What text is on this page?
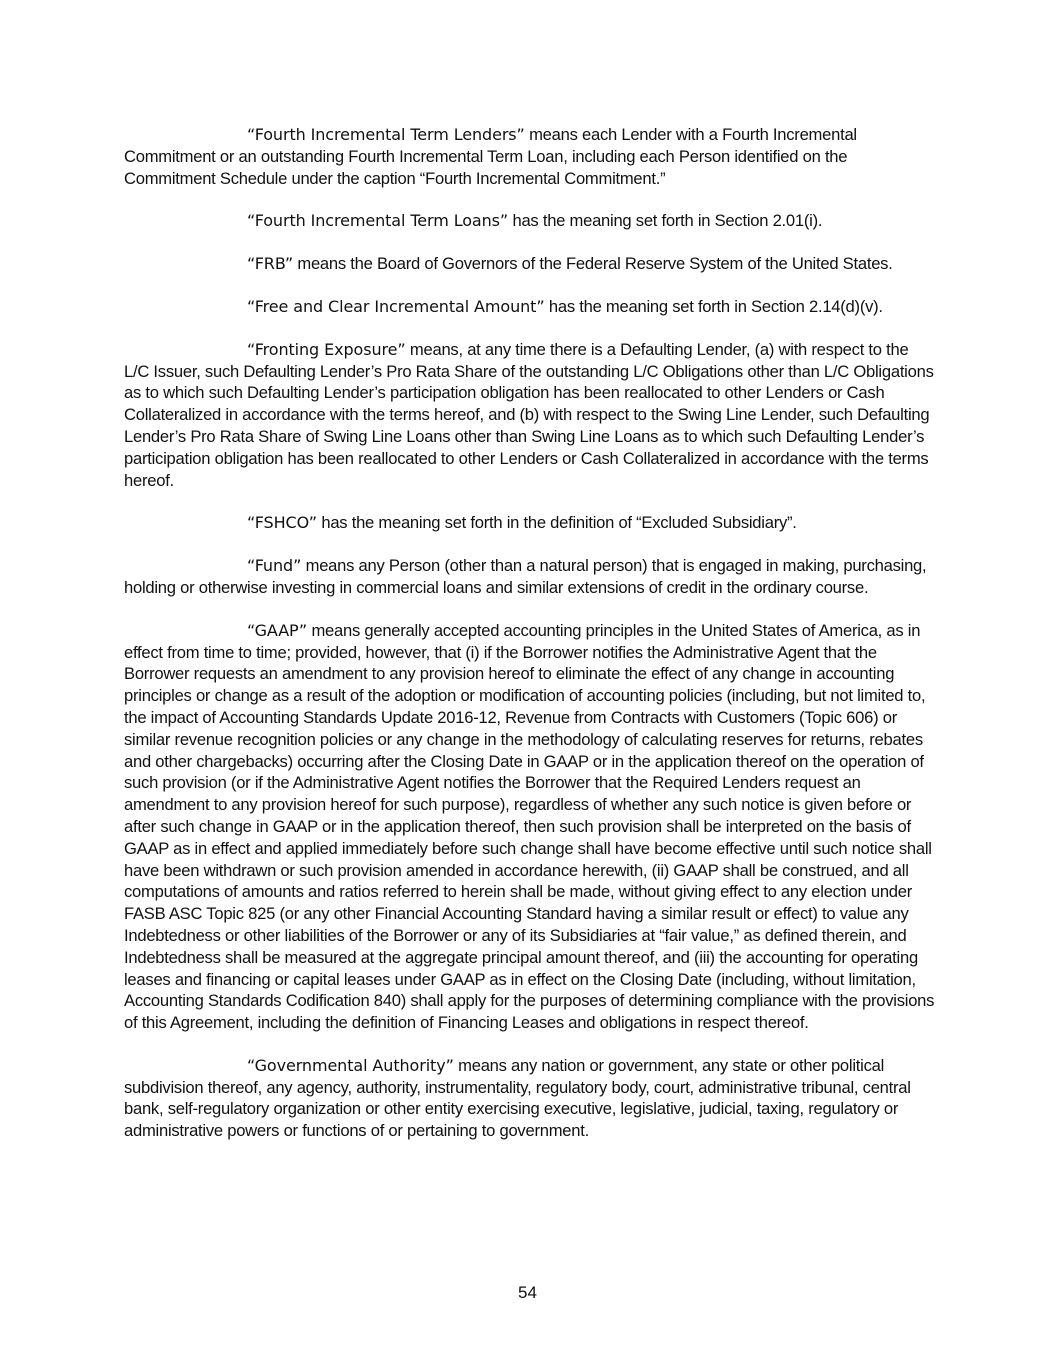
“Fourth Incremental Term Lenders” means each Lender with a Fourth Incremental Commitment or an outstanding Fourth Incremental Term Loan, including each Person identified on the Commitment Schedule under the caption “Fourth Incremental Commitment.”

“Fourth Incremental Term Loans” has the meaning set forth in Section 2.01(i).

“FRB” means the Board of Governors of the Federal Reserve System of the United States.

“Free and Clear Incremental Amount” has the meaning set forth in Section 2.14(d)(v).

“Fronting Exposure” means, at any time there is a Defaulting Lender, (a) with respect to the L/C Issuer, such Defaulting Lender’s Pro Rata Share of the outstanding L/C Obligations other than L/C Obligations as to which such Defaulting Lender’s participation obligation has been reallocated to other Lenders or Cash Collateralized in accordance with the terms hereof, and (b) with respect to the Swing Line Lender, such Defaulting Lender’s Pro Rata Share of Swing Line Loans other than Swing Line Loans as to which such Defaulting Lender’s participation obligation has been reallocated to other Lenders or Cash Collateralized in accordance with the terms hereof.

“FSHCO” has the meaning set forth in the definition of “Excluded Subsidiary”.

“Fund” means any Person (other than a natural person) that is engaged in making, purchasing, holding or otherwise investing in commercial loans and similar extensions of credit in the ordinary course.

“GAAP” means generally accepted accounting principles in the United States of America, as in effect from time to time; provided, however, that (i) if the Borrower notifies the Administrative Agent that the Borrower requests an amendment to any provision hereof to eliminate the effect of any change in accounting principles or change as a result of the adoption or modification of accounting policies (including, but not limited to, the impact of Accounting Standards Update 2016-12, Revenue from Contracts with Customers (Topic 606) or similar revenue recognition policies or any change in the methodology of calculating reserves for returns, rebates and other chargebacks) occurring after the Closing Date in GAAP or in the application thereof on the operation of such provision (or if the Administrative Agent notifies the Borrower that the Required Lenders request an amendment to any provision hereof for such purpose), regardless of whether any such notice is given before or after such change in GAAP or in the application thereof, then such provision shall be interpreted on the basis of GAAP as in effect and applied immediately before such change shall have become effective until such notice shall have been withdrawn or such provision amended in accordance herewith, (ii) GAAP shall be construed, and all computations of amounts and ratios referred to herein shall be made, without giving effect to any election under FASB ASC Topic 825 (or any other Financial Accounting Standard having a similar result or effect) to value any Indebtedness or other liabilities of the Borrower or any of its Subsidiaries at “fair value,” as defined therein, and Indebtedness shall be measured at the aggregate principal amount thereof, and (iii) the accounting for operating leases and financing or capital leases under GAAP as in effect on the Closing Date (including, without limitation, Accounting Standards Codification 840) shall apply for the purposes of determining compliance with the provisions of this Agreement, including the definition of Financing Leases and obligations in respect thereof.

“Governmental Authority” means any nation or government, any state or other political subdivision thereof, any agency, authority, instrumentality, regulatory body, court, administrative tribunal, central bank, self-regulatory organization or other entity exercising executive, legislative, judicial, taxing, regulatory or administrative powers or functions of or pertaining to government.

54
